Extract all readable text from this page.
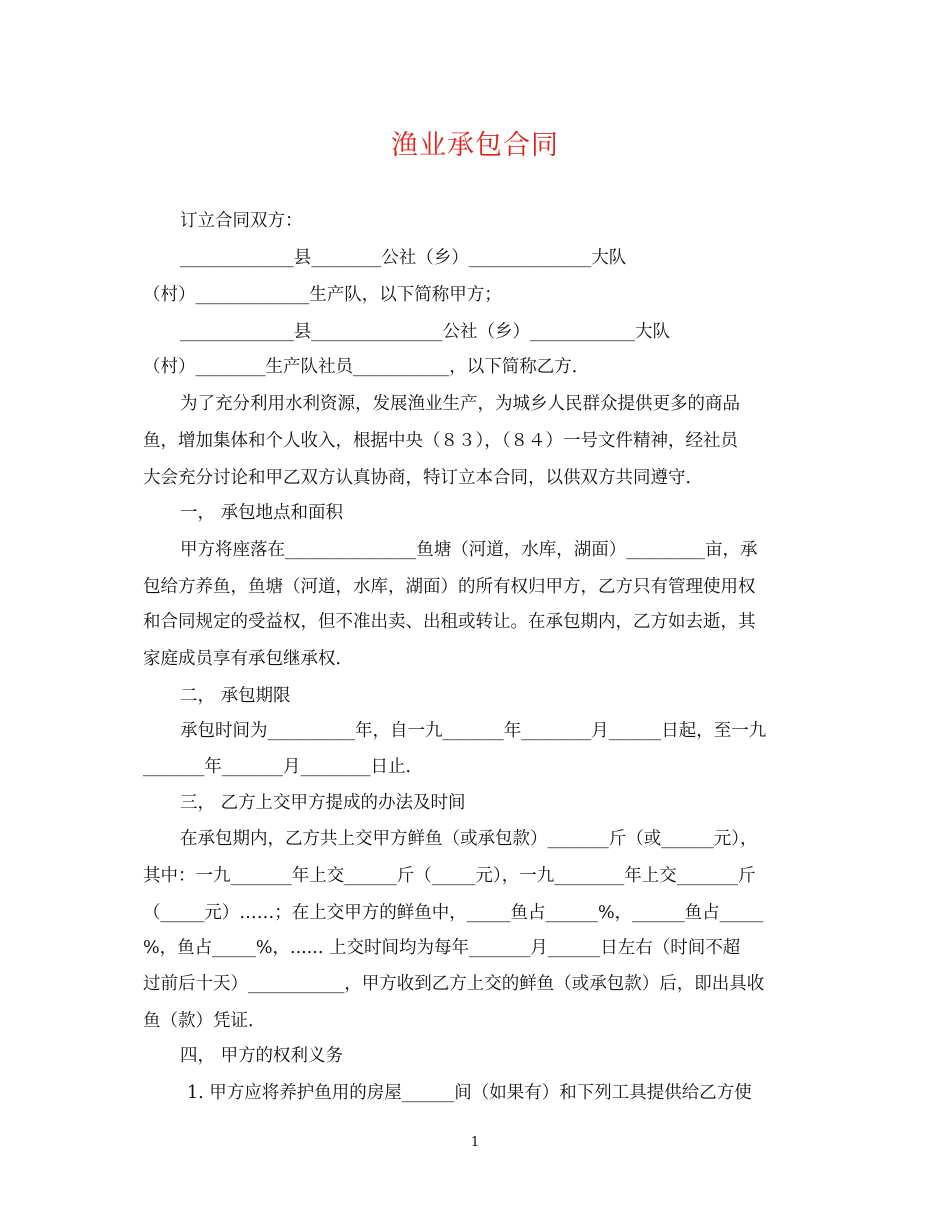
渔业承包合同
订立合同双方：
_____________县________公社（乡）______________大队
（村）_____________生产队，以下简称甲方；
_____________县_______________公社（乡）____________大队
（村）________生产队社员___________，以下简称乙方．
为了充分利用水利资源，发展渔业生产，为城乡人民群众提供更多的商品
鱼，增加集体和个人收入，根据中央（８３），（８４）一号文件精神，经社员
大会充分讨论和甲乙双方认真协商，特订立本合同，以供双方共同遵守．
一， 承包地点和面积
甲方将座落在_______________鱼塘（河道，水库，湖面）_________亩，承
包给方养鱼，鱼塘（河道，水库，湖面）的所有权归甲方，乙方只有管理使用权
和合同规定的受益权，但不准出卖、出租或转让。在承包期内，乙方如去逝，其
家庭成员享有承包继承权．
二， 承包期限
承包时间为__________年，自一九_______年________月______日起，至一九
_______年_______月________日止．
三， 乙方上交甲方提成的办法及时间
在承包期内，乙方共上交甲方鲜鱼（或承包款）_______斤（或______元），
其中：一九_______年上交______斤（_____元），一九________年上交_______斤
（_____元）……；在上交甲方的鲜鱼中，_____鱼占______%，______鱼占_____
%，鱼占_____%，...... 上交时间均为每年_______月______日左右（时间不超
过前后十天）___________，甲方收到乙方上交的鲜鱼（或承包款）后，即出具收
鱼（款）凭证．
四， 甲方的权利义务
1. 甲方应将养护鱼用的房屋______间（如果有）和下列工具提供给乙方使
1
